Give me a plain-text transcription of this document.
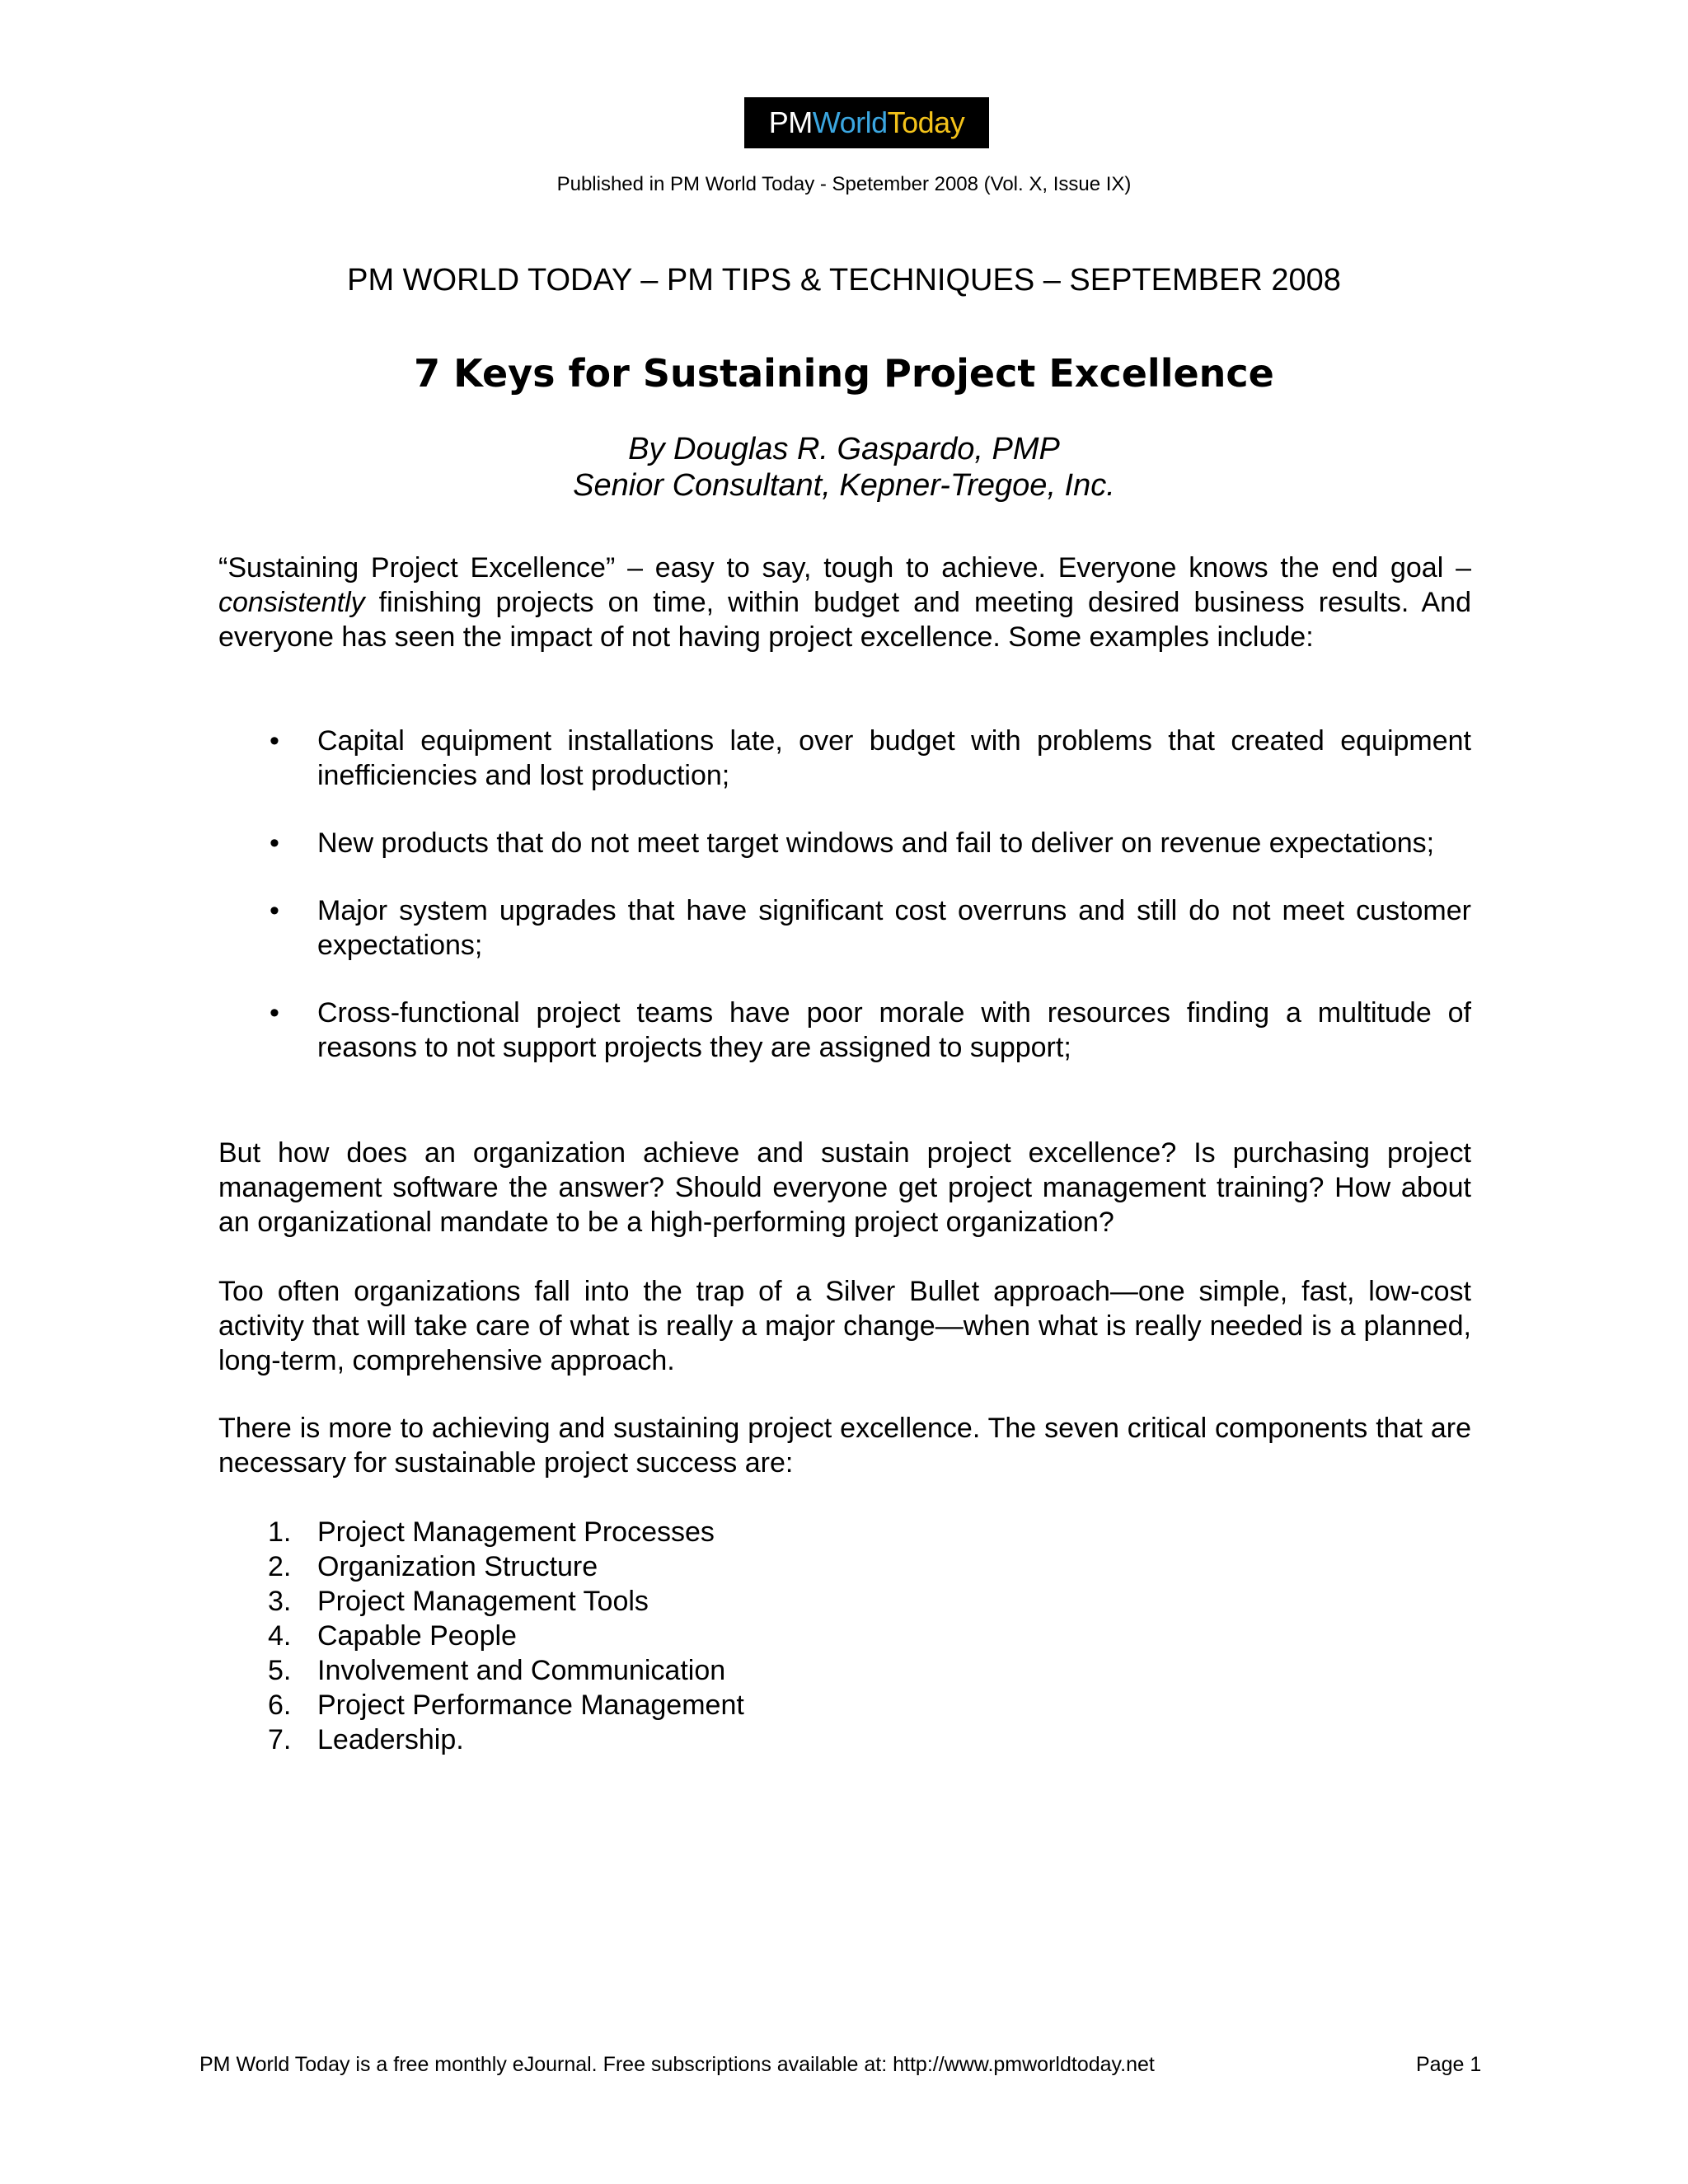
PM World Today
Published in PM World Today - Spetember 2008 (Vol. X, Issue IX)
PM WORLD TODAY – PM TIPS & TECHNIQUES – SEPTEMBER 2008
7 Keys for Sustaining Project Excellence
By Douglas R. Gaspardo, PMP
Senior Consultant, Kepner-Tregoe, Inc.

“Sustaining Project Excellence” – easy to say, tough to achieve. Everyone knows the end goal – consistently finishing projects on time, within budget and meeting desired business results. And everyone has seen the impact of not having project excellence. Some examples include:

• Capital equipment installations late, over budget with problems that created equipment inefficiencies and lost production;
• New products that do not meet target windows and fail to deliver on revenue expectations;
• Major system upgrades that have significant cost overruns and still do not meet customer expectations;
• Cross-functional project teams have poor morale with resources finding a multitude of reasons to not support projects they are assigned to support;

But how does an organization achieve and sustain project excellence? Is purchasing project management software the answer? Should everyone get project management training? How about an organizational mandate to be a high-performing project organization?

Too often organizations fall into the trap of a Silver Bullet approach—one simple, fast, low-cost activity that will take care of what is really a major change—when what is really needed is a planned, long-term, comprehensive approach.

There is more to achieving and sustaining project excellence. The seven critical components that are necessary for sustainable project success are:

1. Project Management Processes
2. Organization Structure
3. Project Management Tools
4. Capable People
5. Involvement and Communication
6. Project Performance Management
7. Leadership.
PM World Today is a free monthly eJournal. Free subscriptions available at: http://www.pmworldtoday.net	Page 1
